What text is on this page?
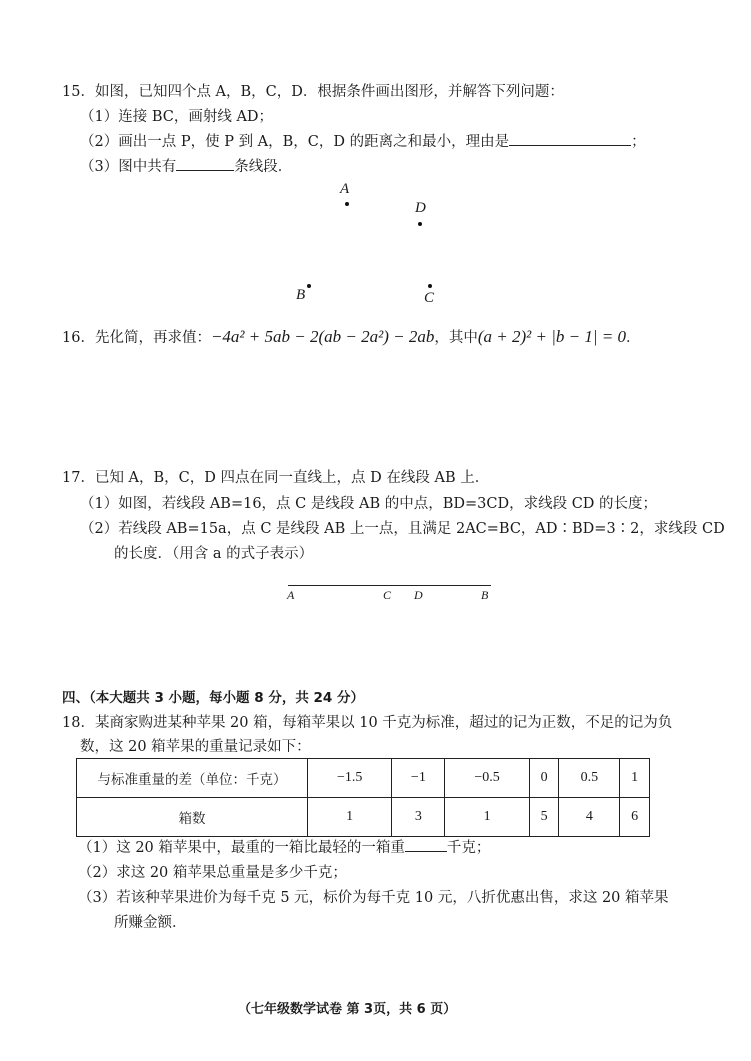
15．如图，已知四个点 A，B，C，D．根据条件画出图形，并解答下列问题：
（1）连接 BC，画射线 AD；
（2）画出一点 P，使 P 到 A，B，C，D 的距离之和最小，理由是	；
（3）图中共有	条线段．
A
D
B	C
16．先化简，再求值：−4a² + 5ab − 2(ab − 2a²) − 2ab，其中(a + 2)² + |b − 1| = 0．
17．已知 A，B，C，D 四点在同一直线上，点 D 在线段 AB 上．
（1）如图，若线段 AB=16，点 C 是线段 AB 的中点，BD=3CD，求线段 CD 的长度；
（2）若线段 AB=15a，点 C 是线段 AB 上一点，且满足 2AC=BC，AD∶BD=3∶2，求线段 CD
的长度．（用含 a 的式子表示）
A	C D	B
四、（本大题共 3 小题，每小题 8 分，共 24 分）
18．某商家购进某种苹果 20 箱，每箱苹果以 10 千克为标准，超过的记为正数，不足的记为负
数，这 20 箱苹果的重量记录如下：
与标准重量的差（单位：千克）	−1.5	−1	−0.5	0	0.5	1
箱数	1	3	1	5	4	6
（1）这 20 箱苹果中，最重的一箱比最轻的一箱重	千克；
（2）求这 20 箱苹果总重量是多少千克；
（3）若该种苹果进价为每千克 5 元，标价为每千克 10 元，八折优惠出售，求这 20 箱苹果
所赚金额．
（七年级数学试卷 第 3页，共 6 页）
